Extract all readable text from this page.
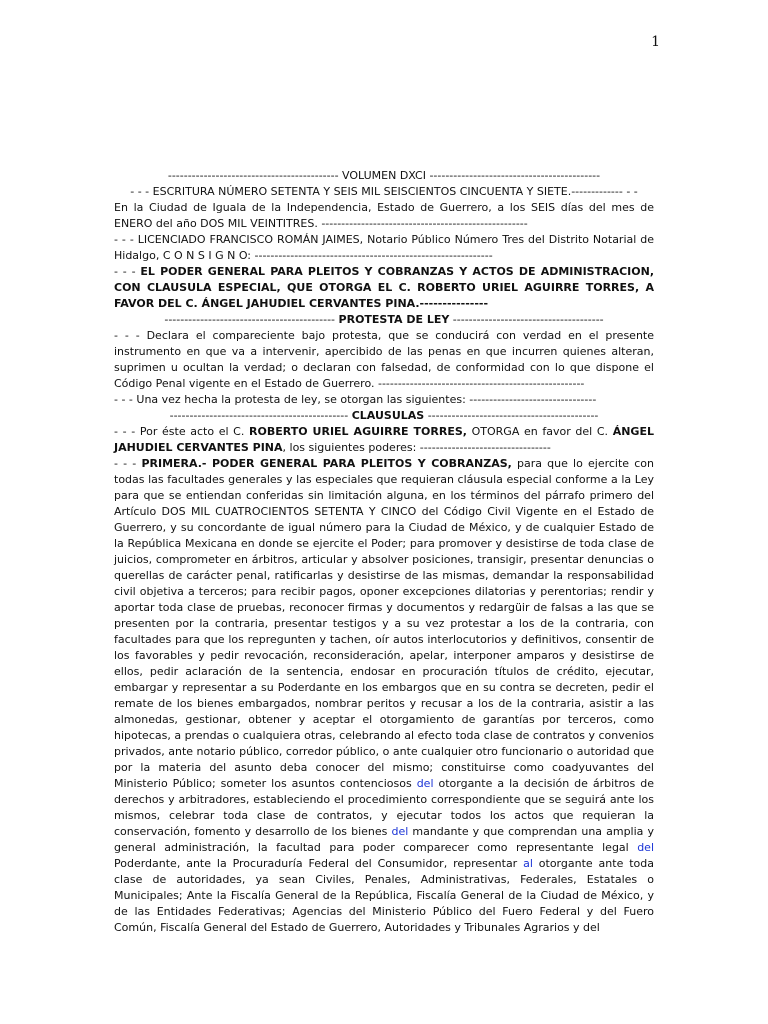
1

------------------------------------------- VOLUMEN DXCI -------------------------------------------

- - - ESCRITURA NÚMERO SETENTA Y SEIS MIL SEISCIENTOS CINCUENTA Y SIETE.------------- - -

En la Ciudad de Iguala de la Independencia, Estado de Guerrero, a los SEIS días del mes de ENERO del año DOS MIL VEINTITRES. ----------------------------------------------------

- - - LICENCIADO FRANCISCO ROMÁN JAIMES, Notario Público Número Tres del Distrito Notarial de Hidalgo, C O N S I G N O: ------------------------------------------------------------

- - - EL PODER GENERAL PARA PLEITOS Y COBRANZAS Y ACTOS DE ADMINISTRACION, CON CLAUSULA ESPECIAL, QUE OTORGA EL C. ROBERTO URIEL AGUIRRE TORRES, A FAVOR DEL C. ÁNGEL JAHUDIEL CERVANTES PINA.---------------

------------------------------------------- PROTESTA DE LEY --------------------------------------

- - - Declara el compareciente bajo protesta, que se conducirá con verdad en el presente instrumento en que va a intervenir, apercibido de las penas en que incurren quienes alteran, suprimen u ocultan la verdad; o declaran con falsedad, de conformidad con lo que dispone el Código Penal vigente en el Estado de Guerrero. ----------------------------------------------------

- - - Una vez hecha la protesta de ley, se otorgan las siguientes: --------------------------------

--------------------------------------------- CLAUSULAS -------------------------------------------

- - - Por éste acto el C. ROBERTO URIEL AGUIRRE TORRES, OTORGA en favor del C. ÁNGEL JAHUDIEL CERVANTES PINA, los siguientes poderes: ---------------------------------

- - - PRIMERA.- PODER GENERAL PARA PLEITOS Y COBRANZAS, para que lo ejercite con todas las facultades generales y las especiales que requieran cláusula especial conforme a la Ley para que se entiendan conferidas sin limitación alguna, en los términos del párrafo primero del Artículo DOS MIL CUATROCIENTOS SETENTA Y CINCO del Código Civil Vigente en el Estado de Guerrero, y su concordante de igual número para la Ciudad de México, y de cualquier Estado de la República Mexicana en donde se ejercite el Poder; para promover y desistirse de toda clase de juicios, comprometer en árbitros, articular y absolver posiciones, transigir, presentar denuncias o querellas de carácter penal, ratificarlas y desistirse de las mismas, demandar la responsabilidad civil objetiva a terceros; para recibir pagos, oponer excepciones dilatorias y perentorias; rendir y aportar toda clase de pruebas, reconocer firmas y documentos y redargüir de falsas a las que se presenten por la contraria, presentar testigos y a su vez protestar a los de la contraria, con facultades para que los repregunten y tachen, oír autos interlocutorios y definitivos, consentir de los favorables y pedir revocación, reconsideración, apelar, interponer amparos y desistirse de ellos, pedir aclaración de la sentencia, endosar en procuración títulos de crédito, ejecutar, embargar y representar a su Poderdante en los embargos que en su contra se decreten, pedir el remate de los bienes embargados, nombrar peritos y recusar a los de la contraria, asistir a las almonedas, gestionar, obtener y aceptar el otorgamiento de garantías por terceros, como hipotecas, a prendas o cualquiera otras, celebrando al efecto toda clase de contratos y convenios privados, ante notario público, corredor público, o ante cualquier otro funcionario o autoridad que por la materia del asunto deba conocer del mismo; constituirse como coadyuvantes del Ministerio Público; someter los asuntos contenciosos del otorgante a la decisión de árbitros de derechos y arbitradores, estableciendo el procedimiento correspondiente que se seguirá ante los mismos, celebrar toda clase de contratos, y ejecutar todos los actos que requieran la conservación, fomento y desarrollo de los bienes del mandante y que comprendan una amplia y general administración, la facultad para poder comparecer como representante legal del Poderdante, ante la Procuraduría Federal del Consumidor, representar al otorgante ante toda clase de autoridades, ya sean Civiles, Penales, Administrativas, Federales, Estatales o Municipales; Ante la Fiscalía General de la República, Fiscalía General de la Ciudad de México, y de las Entidades Federativas; Agencias del Ministerio Público del Fuero Federal y del Fuero Común, Fiscalía General del Estado de Guerrero, Autoridades y Tribunales Agrarios y del
